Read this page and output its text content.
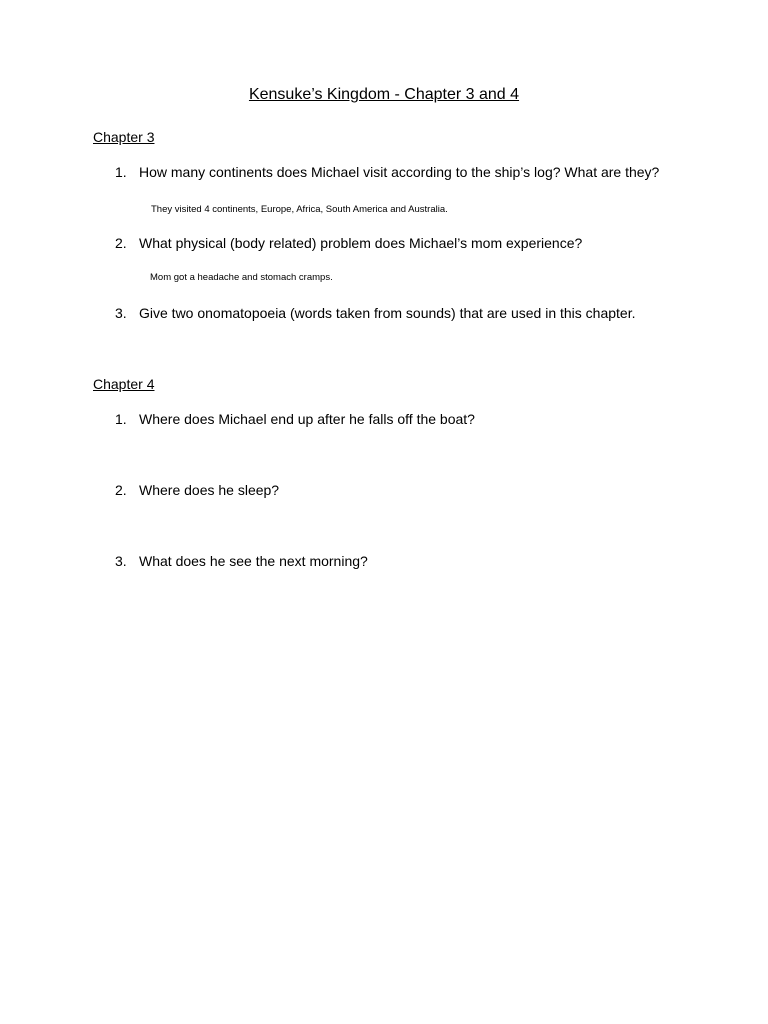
Kensuke’s Kingdom - Chapter 3 and 4
Chapter 3
1. How many continents does Michael visit according to the ship’s log? What are they?
They visited 4 continents, Europe, Africa, South America and Australia.
2. What physical (body related) problem does Michael’s mom experience?
Mom got a headache and stomach cramps.
3. Give two onomatopoeia (words taken from sounds) that are used in this chapter.
Chapter 4
1. Where does Michael end up after he falls off the boat?
2. Where does he sleep?
3. What does he see the next morning?
